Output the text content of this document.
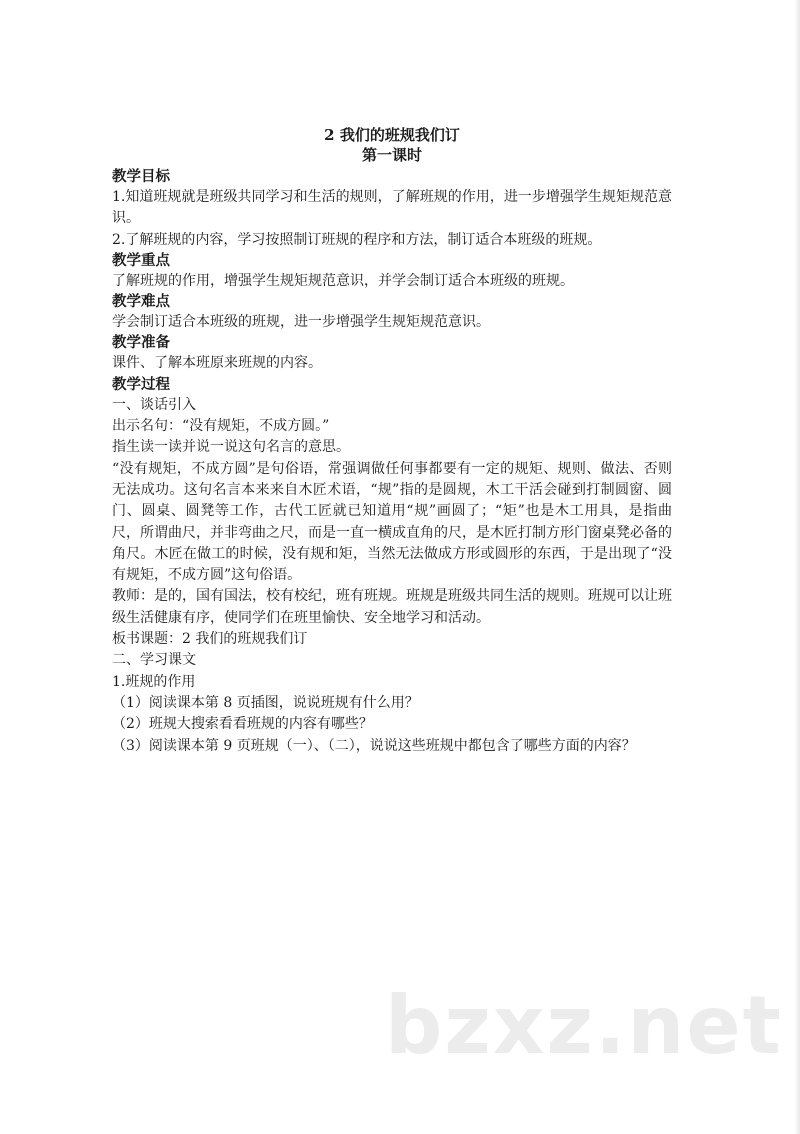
2 我们的班规我们订

第一课时

教学目标

1.知道班规就是班级共同学习和生活的规则，了解班规的作用，进一步增强学生规矩规范意识。

2.了解班规的内容，学习按照制订班规的程序和方法，制订适合本班级的班规。

教学重点

了解班规的作用，增强学生规矩规范意识，并学会制订适合本班级的班规。

教学难点

学会制订适合本班级的班规，进一步增强学生规矩规范意识。

教学准备

课件、了解本班原来班规的内容。

教学过程

一、谈话引入

出示名句：“没有规矩，不成方圆。”

指生读一读并说一说这句名言的意思。

“没有规矩，不成方圆”是句俗语，常强调做任何事都要有一定的规矩、规则、做法、否则无法成功。这句名言本来来自木匠术语，“规”指的是圆规，木工干活会碰到打制圆窗、圆门、圆桌、圆凳等工作，古代工匠就已知道用“规”画圆了；“矩”也是木工用具，是指曲尺，所谓曲尺，并非弯曲之尺，而是一直一横成直角的尺，是木匠打制方形门窗桌凳必备的角尺。木匠在做工的时候，没有规和矩，当然无法做成方形或圆形的东西，于是出现了“没有规矩，不成方圆”这句俗语。

教师：是的，国有国法，校有校纪，班有班规。班规是班级共同生活的规则。班规可以让班级生活健康有序，使同学们在班里愉快、安全地学习和活动。

板书课题：2 我们的班规我们订

二、学习课文

1.班规的作用

（1）阅读课本第 8 页插图，说说班规有什么用？

（2）班规大搜索看看班规的内容有哪些？

（3）阅读课本第 9 页班规（一）、（二），说说这些班规中都包含了哪些方面的内容？

bzxz.net
